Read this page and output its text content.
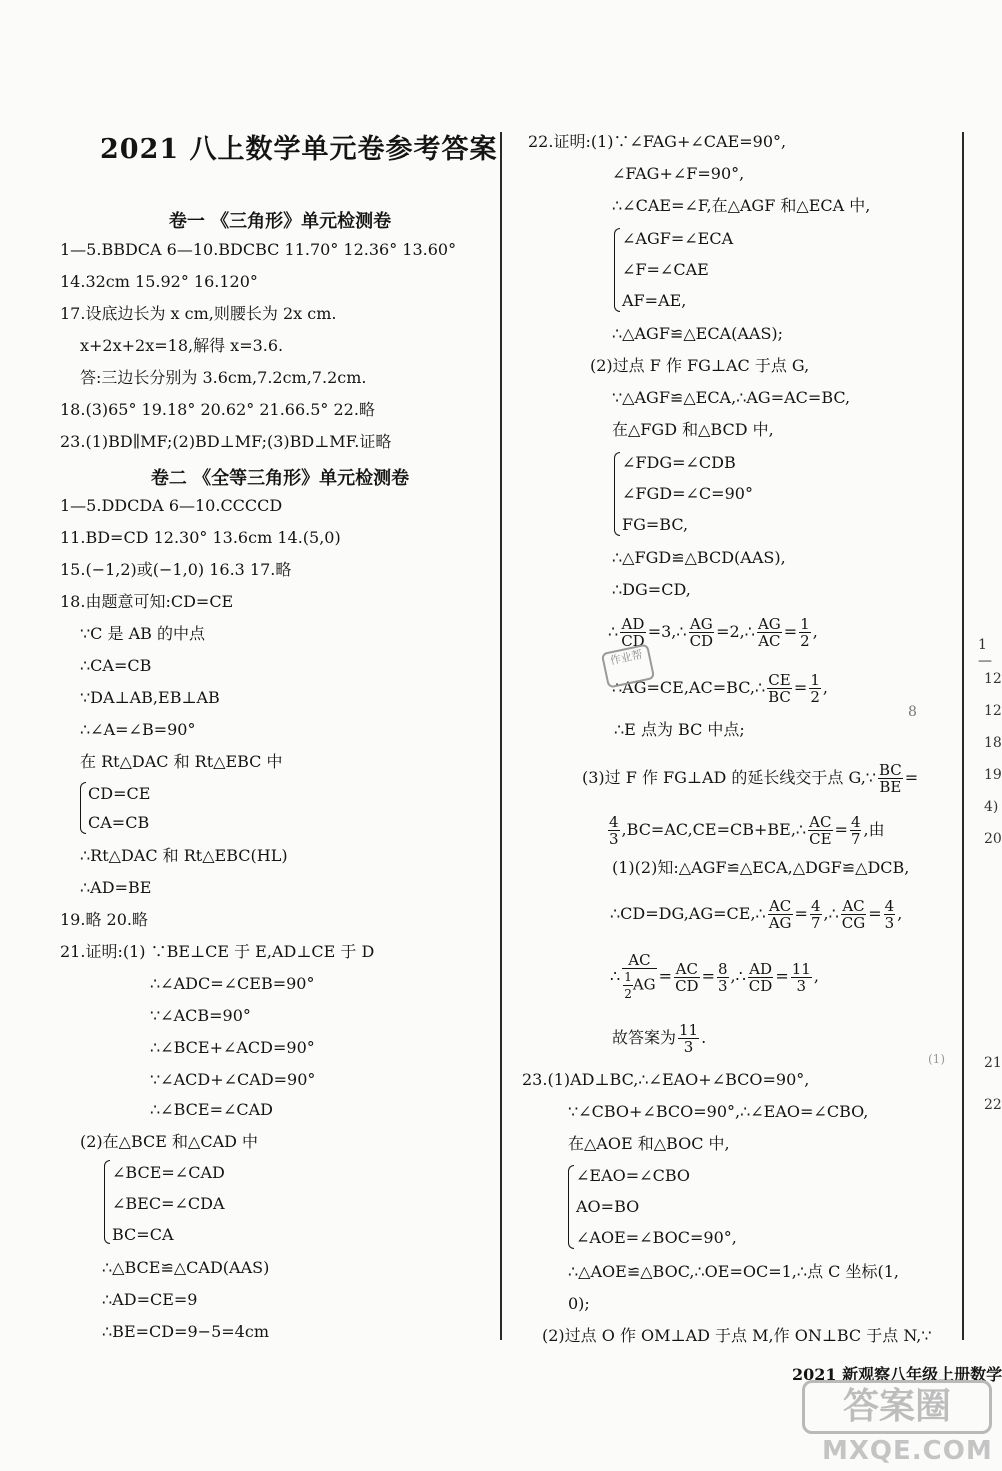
2021 八上数学单元卷参考答案
卷一 《三角形》单元检测卷
1—5.BBDCA 6—10.BDCBC 11.70° 12.36° 13.60°
14.32cm 15.92° 16.120°
17.设底边长为 x cm,则腰长为 2x cm.
x+2x+2x=18,解得 x=3.6.
答:三边长分别为 3.6cm,7.2cm,7.2cm.
18.(3)65° 19.18° 20.62° 21.66.5° 22.略
23.(1)BD∥MF;(2)BD⊥MF;(3)BD⊥MF.证略
卷二 《全等三角形》单元检测卷
1—5.DDCDA 6—10.CCCCD
11.BD=CD 12.30° 13.6cm 14.(5,0)
15.(−1,2)或(−1,0) 16.3 17.略
18.由题意可知:CD=CE
∵C 是 AB 的中点
∴CA=CB
∵DA⊥AB,EB⊥AB
∴∠A=∠B=90°
在 Rt△DAC 和 Rt△EBC 中
CD=CE
CA=CB
∴Rt△DAC 和 Rt△EBC(HL)
∴AD=BE
19.略 20.略
21.证明:(1) ∵BE⊥CE 于 E,AD⊥CE 于 D
∴∠ADC=∠CEB=90°
∵∠ACB=90°
∴∠BCE+∠ACD=90°
∵∠ACD+∠CAD=90°
∴∠BCE=∠CAD
(2)在△BCE 和△CAD 中
∠BCE=∠CAD
∠BEC=∠CDA
BC=CA
∴△BCE≌△CAD(AAS)
∴AD=CE=9
∴BE=CD=9−5=4cm
22.证明:(1)∵∠FAG+∠CAE=90°,
∠FAG+∠F=90°,
∴∠CAE=∠F,在△AGF 和△ECA 中,
∠AGF=∠ECA
∠F=∠CAE
AF=AE,
∴△AGF≌△ECA(AAS);
(2)过点 F 作 FG⊥AC 于点 G,
∵△AGF≌△ECA,∴AG=AC=BC,
在△FGD 和△BCD 中,
∠FDG=∠CDB
∠FGD=∠C=90°
FG=BC,
∴△FGD≌△BCD(AAS),
∴DG=CD,
∴ $\frac{AD}{CD}$ =3,∴ $\frac{AG}{CD}$ =2,∴ $\frac{AG}{AC} = \frac{1}{2}$ ,
∴AG=CE,AC=BC,∴ $\frac{CE}{BC} = \frac{1}{2}$ ,
∴E 点为 BC 中点;
(3)过 F 作 FG⊥AD 的延长线交于点 G,∵ $\frac{BC}{BE}$ =
$\frac{4}{3}$ ,BC=AC,CE=CB+BE,∴ $\frac{AC}{CE} = \frac{4}{7}$ ,由
(1)(2)知:△AGF≌△ECA,△DGF≌△DCB,
∴CD=DG,AG=CE,∴ $\frac{AC}{AG} = \frac{4}{7}$ ,∴ $\frac{AC}{CG} = \frac{4}{3}$ ,
∴ $\frac{AC}{\frac{1}{2} AG} = \frac{AC}{CD} = \frac{8}{3}$ ,∴ $\frac{AD}{CD} = \frac{11}{3}$ ,
故答案为 $\frac{11}{3}$ .
23.(1)AD⊥BC,∴∠EAO+∠BCO=90°,
∵∠CBO+∠BCO=90°,∴∠EAO=∠CBO,
在△AOE 和△BOC 中,
∠EAO=∠CBO
AO=BO
∠AOE=∠BOC=90°,
∴△AOE≌△BOC,∴OE=OC=1,∴点 C 坐标(1,
0);
(2)过点 O 作 OM⊥AD 于点 M,作 ON⊥BC 于点 N,∵
1—
12
12
18
19
4)
20
21
22
8
(1)
作业帮
2021 新观察八年级上册数学
答案圈
MXQE.COM
